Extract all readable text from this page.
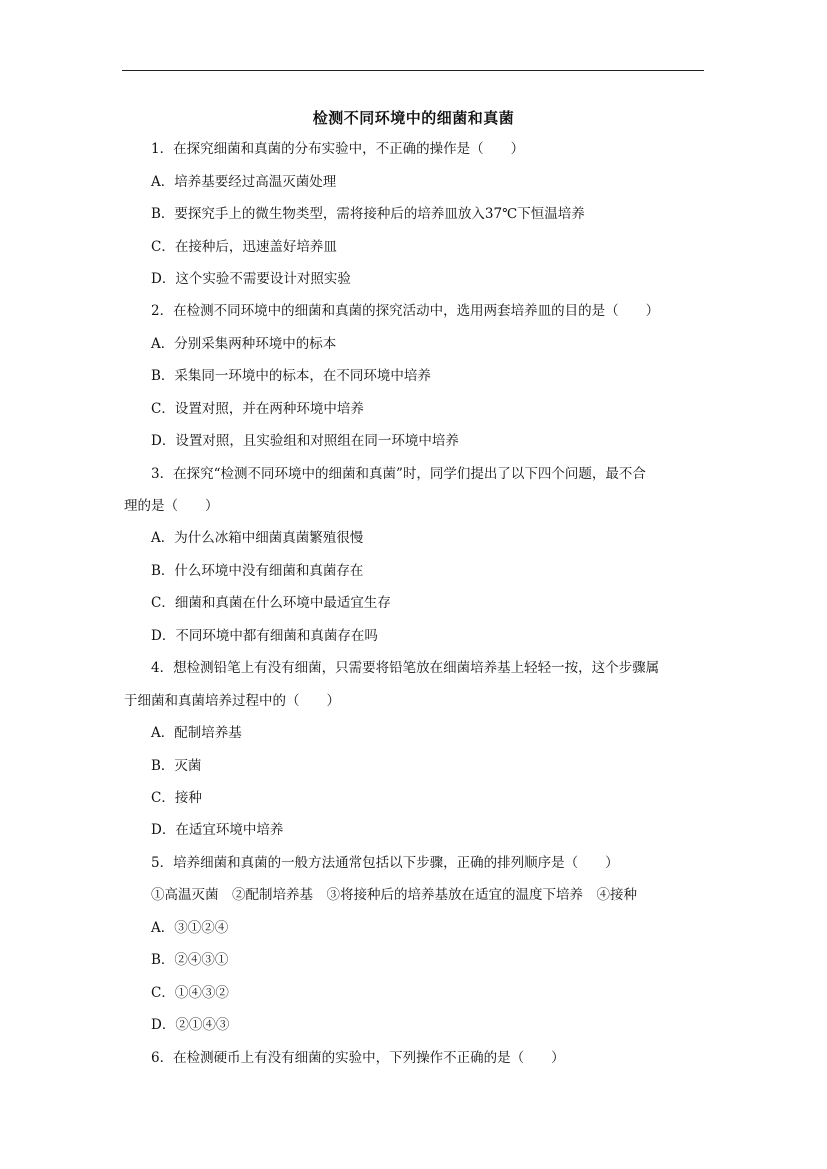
检测不同环境中的细菌和真菌
1．在探究细菌和真菌的分布实验中，不正确的操作是（　　）
A．培养基要经过高温灭菌处理
B．要探究手上的微生物类型，需将接种后的培养皿放入37℃下恒温培养
C．在接种后，迅速盖好培养皿
D．这个实验不需要设计对照实验
2．在检测不同环境中的细菌和真菌的探究活动中，选用两套培养皿的目的是（　　）
A．分别采集两种环境中的标本
B．采集同一环境中的标本，在不同环境中培养
C．设置对照，并在两种环境中培养
D．设置对照，且实验组和对照组在同一环境中培养
3．在探究“检测不同环境中的细菌和真菌”时，同学们提出了以下四个问题，最不合
理的是（　　）
A．为什么冰箱中细菌真菌繁殖很慢
B．什么环境中没有细菌和真菌存在
C．细菌和真菌在什么环境中最适宜生存
D．不同环境中都有细菌和真菌存在吗
4．想检测铅笔上有没有细菌，只需要将铅笔放在细菌培养基上轻轻一按，这个步骤属
于细菌和真菌培养过程中的（　　）
A．配制培养基
B．灭菌
C．接种
D．在适宜环境中培养
5．培养细菌和真菌的一般方法通常包括以下步骤，正确的排列顺序是（　　）
①高温灭菌　②配制培养基　③将接种后的培养基放在适宜的温度下培养　④接种
A．③①②④
B．②④③①
C．①④③②
D．②①④③
6．在检测硬币上有没有细菌的实验中，下列操作不正确的是（　　）
